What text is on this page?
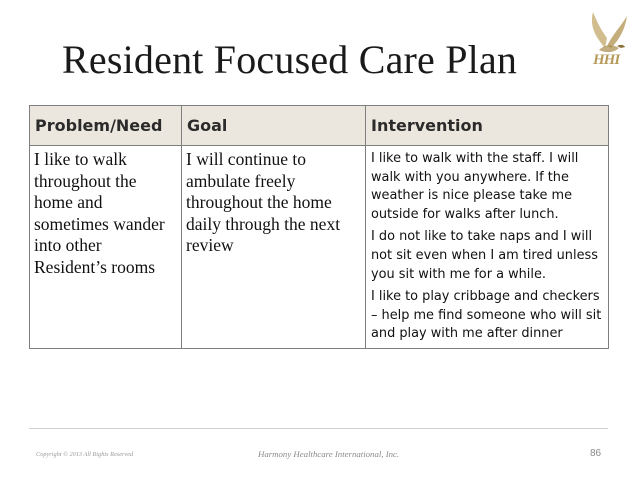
Resident Focused Care Plan	HHI
Problem/Need	Goal	Intervention
I like to walk throughout the home and sometimes wander into other Resident’s rooms	I will continue to ambulate freely throughout the home daily through the next review	I like to walk with the staff. I will walk with you anywhere. If the weather is nice please take me outside for walks after lunch.

I do not like to take naps and I will not sit even when I am tired unless you sit with me for a while.

I like to play cribbage and checkers – help me find someone who will sit and play with me after dinner

Copyright © 2013 All Rights Reserved	Harmony Healthcare International, Inc.	86
